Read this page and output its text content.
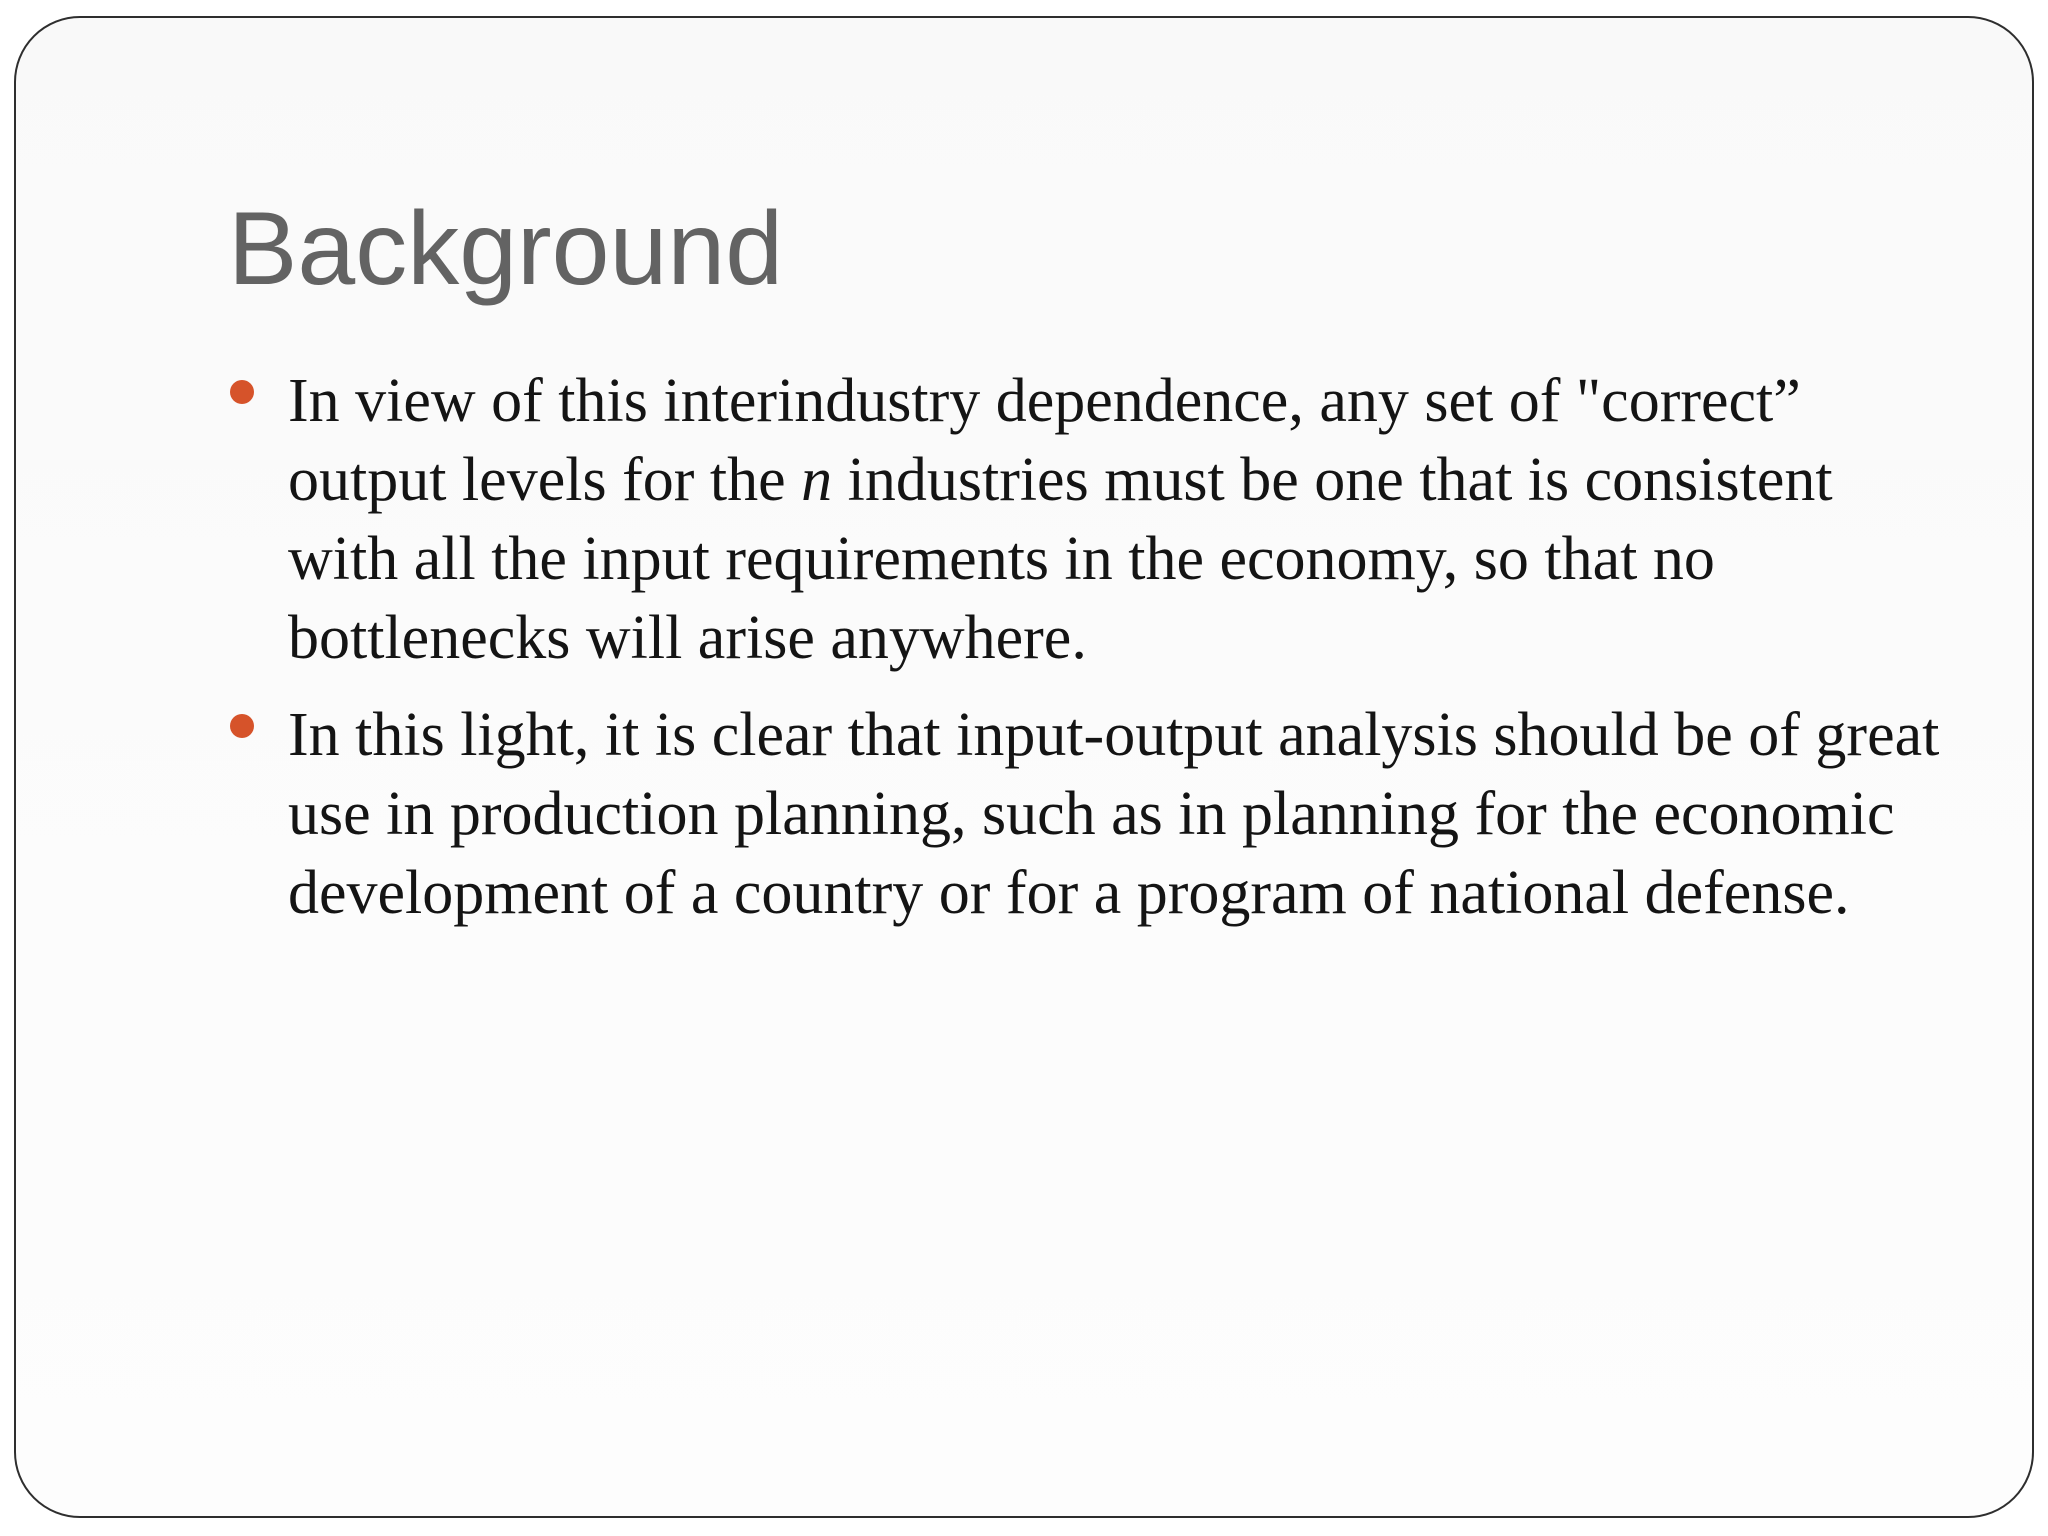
Background
In view of this interindustry dependence, any set of "correct” output levels for the n industries must be one that is consistent with all the input requirements in the economy, so that no bottlenecks will arise anywhere.
In this light, it is clear that input-output analysis should be of great use in production planning, such as in planning for the economic development of a country or for a program of national defense.
